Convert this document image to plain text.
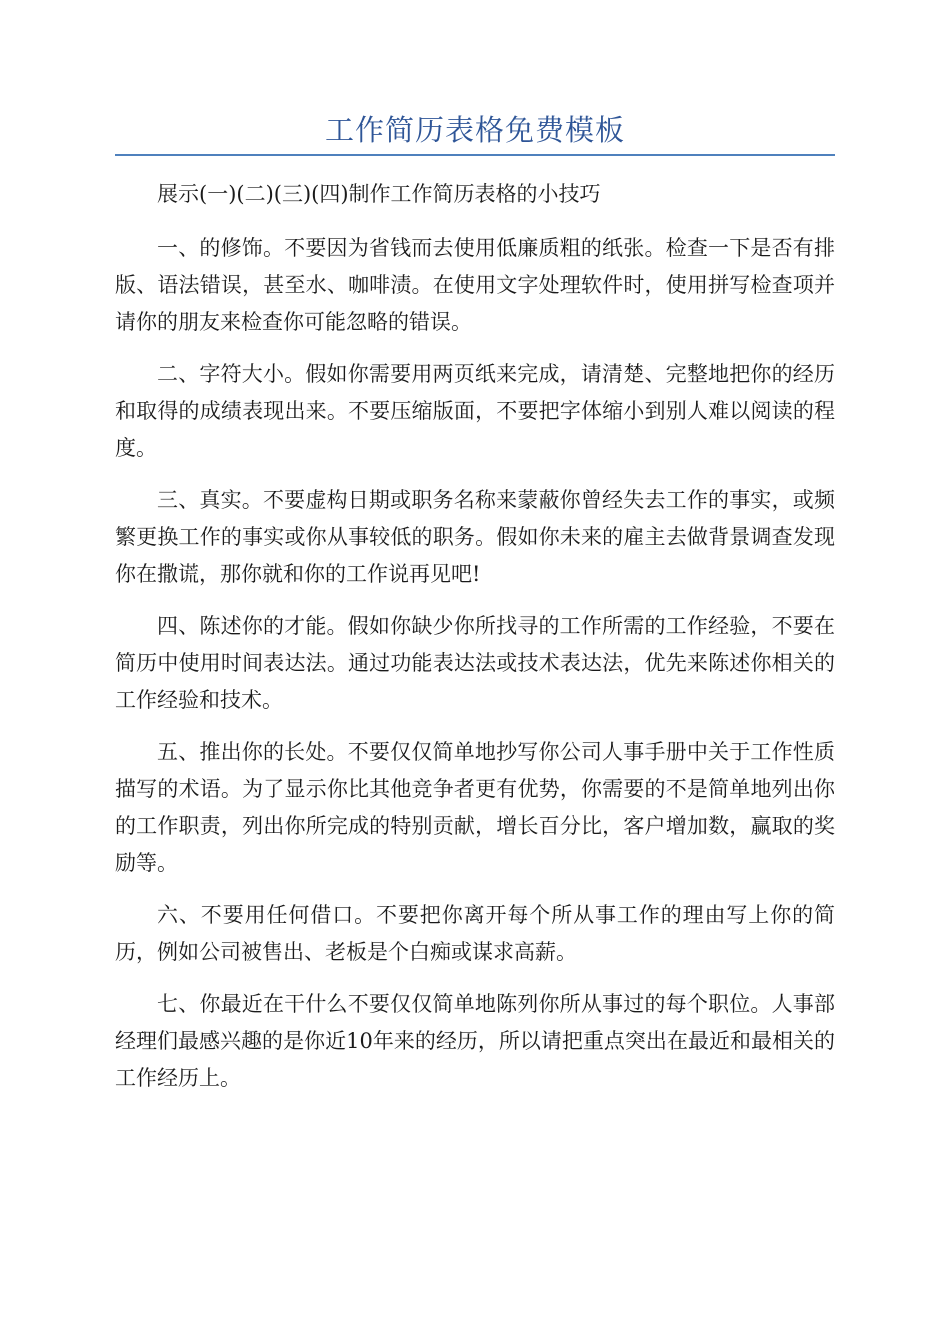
工作简历表格免费模板

展示(一)(二)(三)(四)制作工作简历表格的小技巧

一、的修饰。不要因为省钱而去使用低廉质粗的纸张。检查一下是否有排版、语法错误，甚至水、咖啡渍。在使用文字处理软件时，使用拼写检查项并请你的朋友来检查你可能忽略的错误。

二、字符大小。假如你需要用两页纸来完成，请清楚、完整地把你的经历和取得的成绩表现出来。不要压缩版面，不要把字体缩小到别人难以阅读的程度。

三、真实。不要虚构日期或职务名称来蒙蔽你曾经失去工作的事实，或频繁更换工作的事实或你从事较低的职务。假如你未来的雇主去做背景调查发现你在撒谎，那你就和你的工作说再见吧!

四、陈述你的才能。假如你缺少你所找寻的工作所需的工作经验，不要在简历中使用时间表达法。通过功能表达法或技术表达法，优先来陈述你相关的工作经验和技术。

五、推出你的长处。不要仅仅简单地抄写你公司人事手册中关于工作性质描写的术语。为了显示你比其他竞争者更有优势，你需要的不是简单地列出你的工作职责，列出你所完成的特别贡献，增长百分比，客户增加数，赢取的奖励等。

六、不要用任何借口。不要把你离开每个所从事工作的理由写上你的简历，例如公司被售出、老板是个白痴或谋求高薪。

七、你最近在干什么不要仅仅简单地陈列你所从事过的每个职位。人事部经理们最感兴趣的是你近10年来的经历，所以请把重点突出在最近和最相关的工作经历上。
